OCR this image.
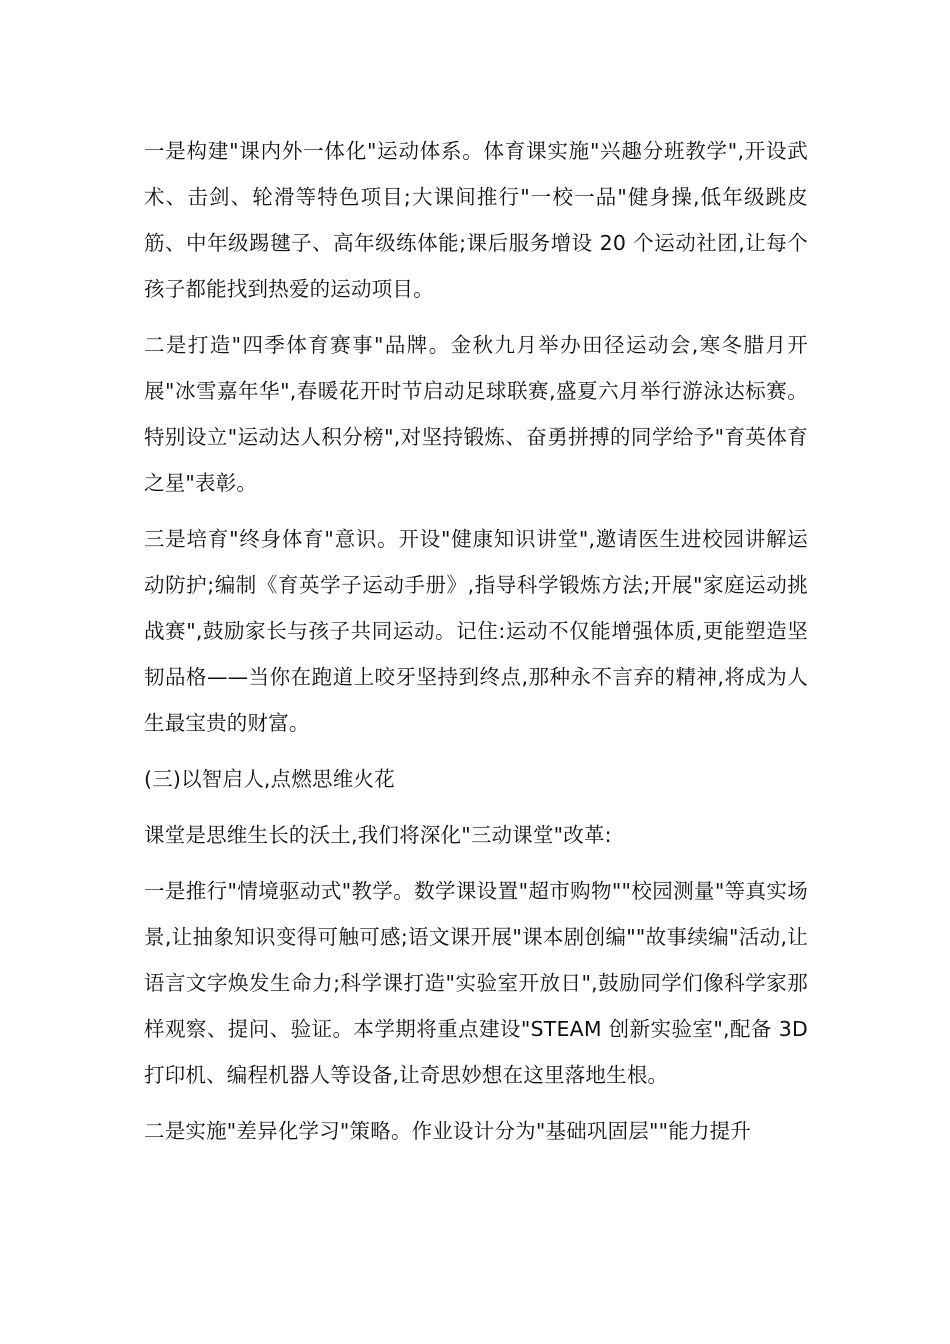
一是构建"课内外一体化"运动体系。体育课实施"兴趣分班教学",开设武术、击剑、轮滑等特色项目;大课间推行"一校一品"健身操,低年级跳皮筋、中年级踢毽子、高年级练体能;课后服务增设 20 个运动社团,让每个孩子都能找到热爱的运动项目。

二是打造"四季体育赛事"品牌。金秋九月举办田径运动会,寒冬腊月开展"冰雪嘉年华",春暖花开时节启动足球联赛,盛夏六月举行游泳达标赛。特别设立"运动达人积分榜",对坚持锻炼、奋勇拼搏的同学给予"育英体育之星"表彰。

三是培育"终身体育"意识。开设"健康知识讲堂",邀请医生进校园讲解运动防护;编制《育英学子运动手册》,指导科学锻炼方法;开展"家庭运动挑战赛",鼓励家长与孩子共同运动。记住:运动不仅能增强体质,更能塑造坚韧品格——当你在跑道上咬牙坚持到终点,那种永不言弃的精神,将成为人生最宝贵的财富。

(三)以智启人,点燃思维火花

课堂是思维生长的沃土,我们将深化"三动课堂"改革:

一是推行"情境驱动式"教学。数学课设置"超市购物""校园测量"等真实场景,让抽象知识变得可触可感;语文课开展"课本剧创编""故事续编"活动,让语言文字焕发生命力;科学课打造"实验室开放日",鼓励同学们像科学家那样观察、提问、验证。本学期将重点建设"STEAM 创新实验室",配备 3D 打印机、编程机器人等设备,让奇思妙想在这里落地生根。

二是实施"差异化学习"策略。作业设计分为"基础巩固层""能力提升
